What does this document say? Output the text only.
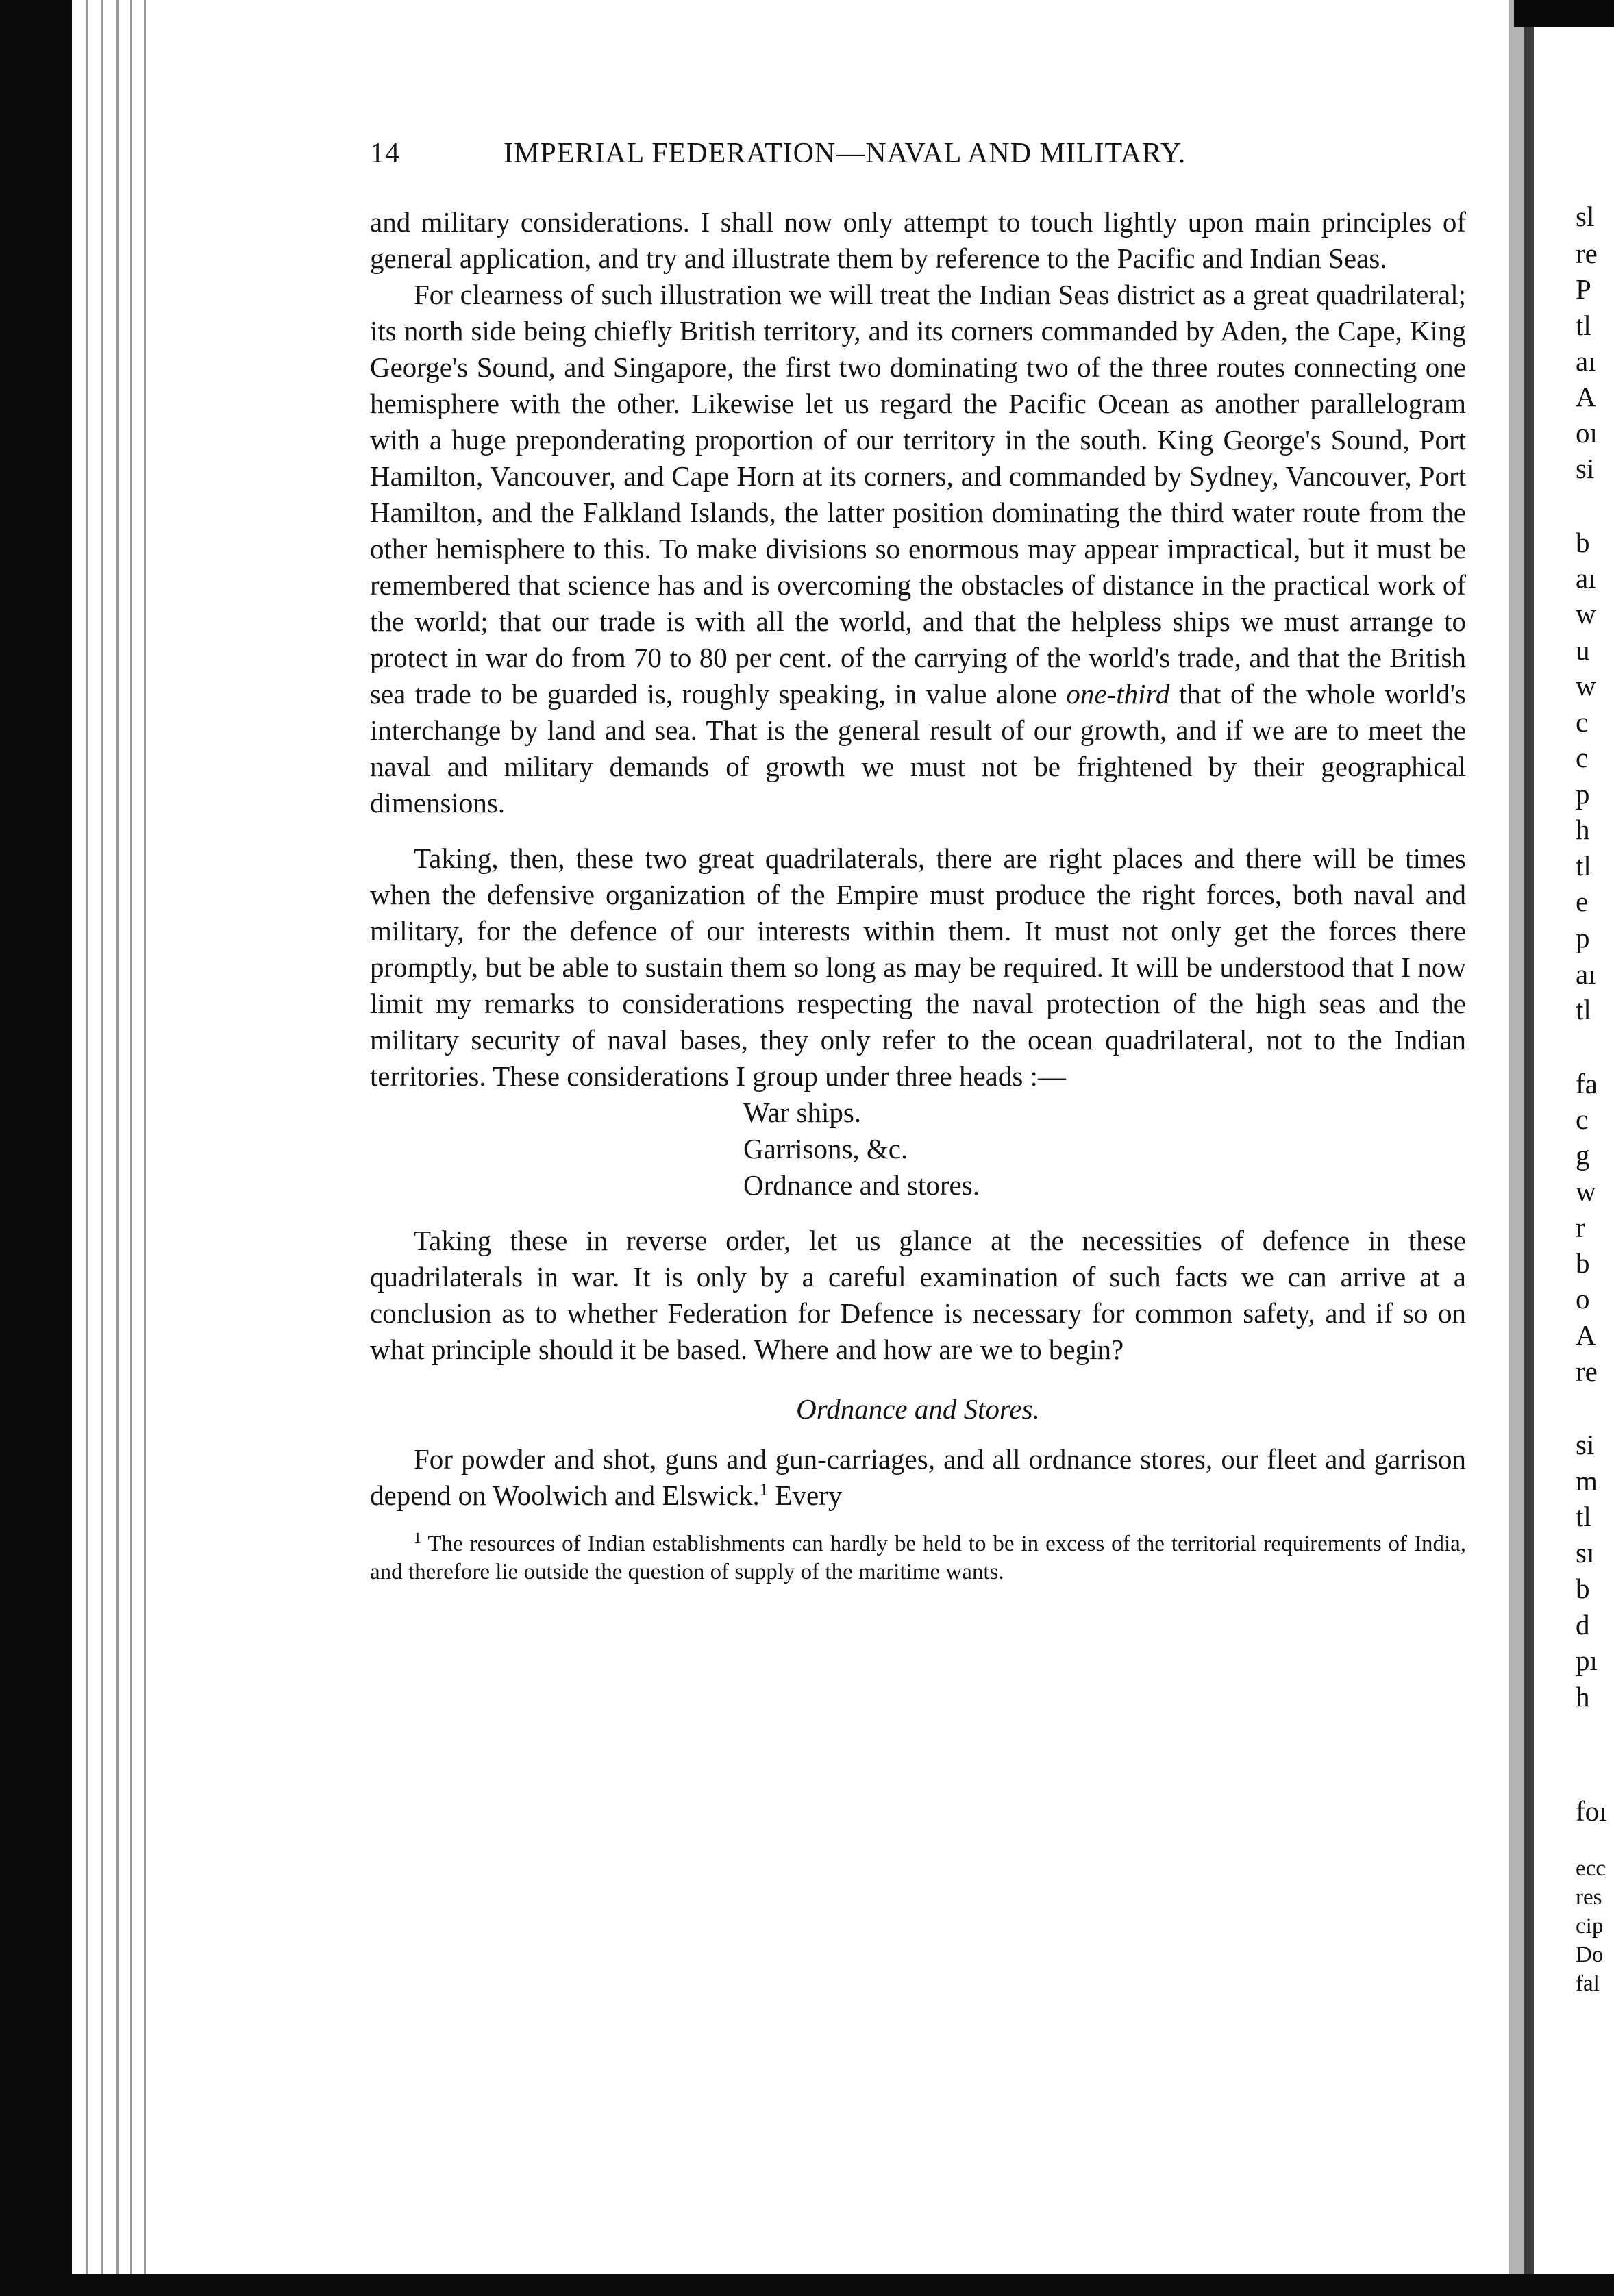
14	IMPERIAL FEDERATION—NAVAL AND MILITARY.

and military considerations. I shall now only attempt to touch lightly upon main principles of general application, and try and illustrate them by reference to the Pacific and Indian Seas.

For clearness of such illustration we will treat the Indian Seas district as a great quadrilateral; its north side being chiefly British territory, and its corners commanded by Aden, the Cape, King George's Sound, and Singapore, the first two dominating two of the three routes connecting one hemisphere with the other. Likewise let us regard the Pacific Ocean as another parallelogram with a huge preponderating proportion of our territory in the south. King George's Sound, Port Hamilton, Vancouver, and Cape Horn at its corners, and commanded by Sydney, Vancouver, Port Hamilton, and the Falkland Islands, the latter position dominating the third water route from the other hemisphere to this. To make divisions so enormous may appear impractical, but it must be remembered that science has and is overcoming the obstacles of distance in the practical work of the world; that our trade is with all the world, and that the helpless ships we must arrange to protect in war do from 70 to 80 per cent. of the carrying of the world's trade, and that the British sea trade to be guarded is, roughly speaking, in value alone one-third that of the whole world's interchange by land and sea. That is the general result of our growth, and if we are to meet the naval and military demands of growth we must not be frightened by their geographical dimensions.

Taking, then, these two great quadrilaterals, there are right places and there will be times when the defensive organization of the Empire must produce the right forces, both naval and military, for the defence of our interests within them. It must not only get the forces there promptly, but be able to sustain them so long as may be required. It will be understood that I now limit my remarks to considerations respecting the naval protection of the high seas and the military security of naval bases, they only refer to the ocean quadrilateral, not to the Indian territories. These considerations I group under three heads :—

War ships.
Garrisons, &c.
Ordnance and stores.

Taking these in reverse order, let us glance at the necessities of defence in these quadrilaterals in war. It is only by a careful examination of such facts we can arrive at a conclusion as to whether Federation for Defence is necessary for common safety, and if so on what principle should it be based. Where and how are we to begin?

Ordnance and Stores.

For powder and shot, guns and gun-carriages, and all ordnance stores, our fleet and garrison depend on Woolwich and Elswick.$^1$ Every

$^1$ The resources of Indian establishments can hardly be held to be in excess of the territorial requirements of India, and therefore lie outside the question of supply of the maritime wants.
sl
re
P
tl
aı
A
oı
si
b
aı
w
u
w
c
c
p
h
tl
e
p
aı
tl
fa
c
g
w
r
b
o
A
re
si
m
tl
sı
b
d
pı
h
foı
ecc
res
cip
Do
fal
